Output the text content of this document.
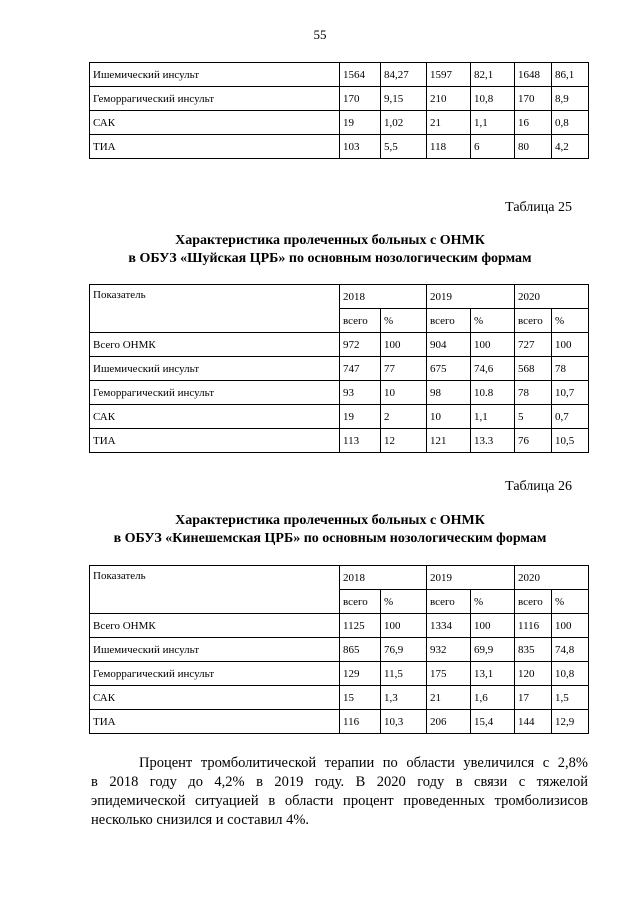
55
Ишемический инсульт	1564	84,27	1597	82,1	1648	86,1
Геморрагический инсульт	170	9,15	210	10,8	170	8,9
САК	19	1,02	21	1,1	16	0,8
ТИА	103	5,5	118	6	80	4,2
Таблица 25
Характеристика пролеченных больных с ОНМК
в ОБУЗ «Шуйская ЦРБ» по основным нозологическим формам
Показатель	2018		2019		2020	
	всего	%	всего	%	всего	%
Всего ОНМК	972	100	904	100	727	100
Ишемический инсульт	747	77	675	74,6	568	78
Геморрагический инсульт	93	10	98	10.8	78	10,7
САК	19	2	10	1,1	5	0,7
ТИА	113	12	121	13.3	76	10,5
Таблица 26
Характеристика пролеченных больных с ОНМК
в ОБУЗ «Кинешемская ЦРБ» по основным нозологическим формам
Показатель	2018		2019		2020	
	всего	%	всего	%	всего	%
Всего ОНМК	1125	100	1334	100	1116	100
Ишемический инсульт	865	76,9	932	69,9	835	74,8
Геморрагический инсульт	129	11,5	175	13,1	120	10,8
САК	15	1,3	21	1,6	17	1,5
ТИА	116	10,3	206	15,4	144	12,9
Процент тромболитической терапии по области увеличился с 2,8%
в 2018 году до 4,2% в 2019 году. В 2020 году в связи с тяжелой
эпидемической ситуацией в области процент проведенных тромболизисов
несколько снизился и составил 4%.
